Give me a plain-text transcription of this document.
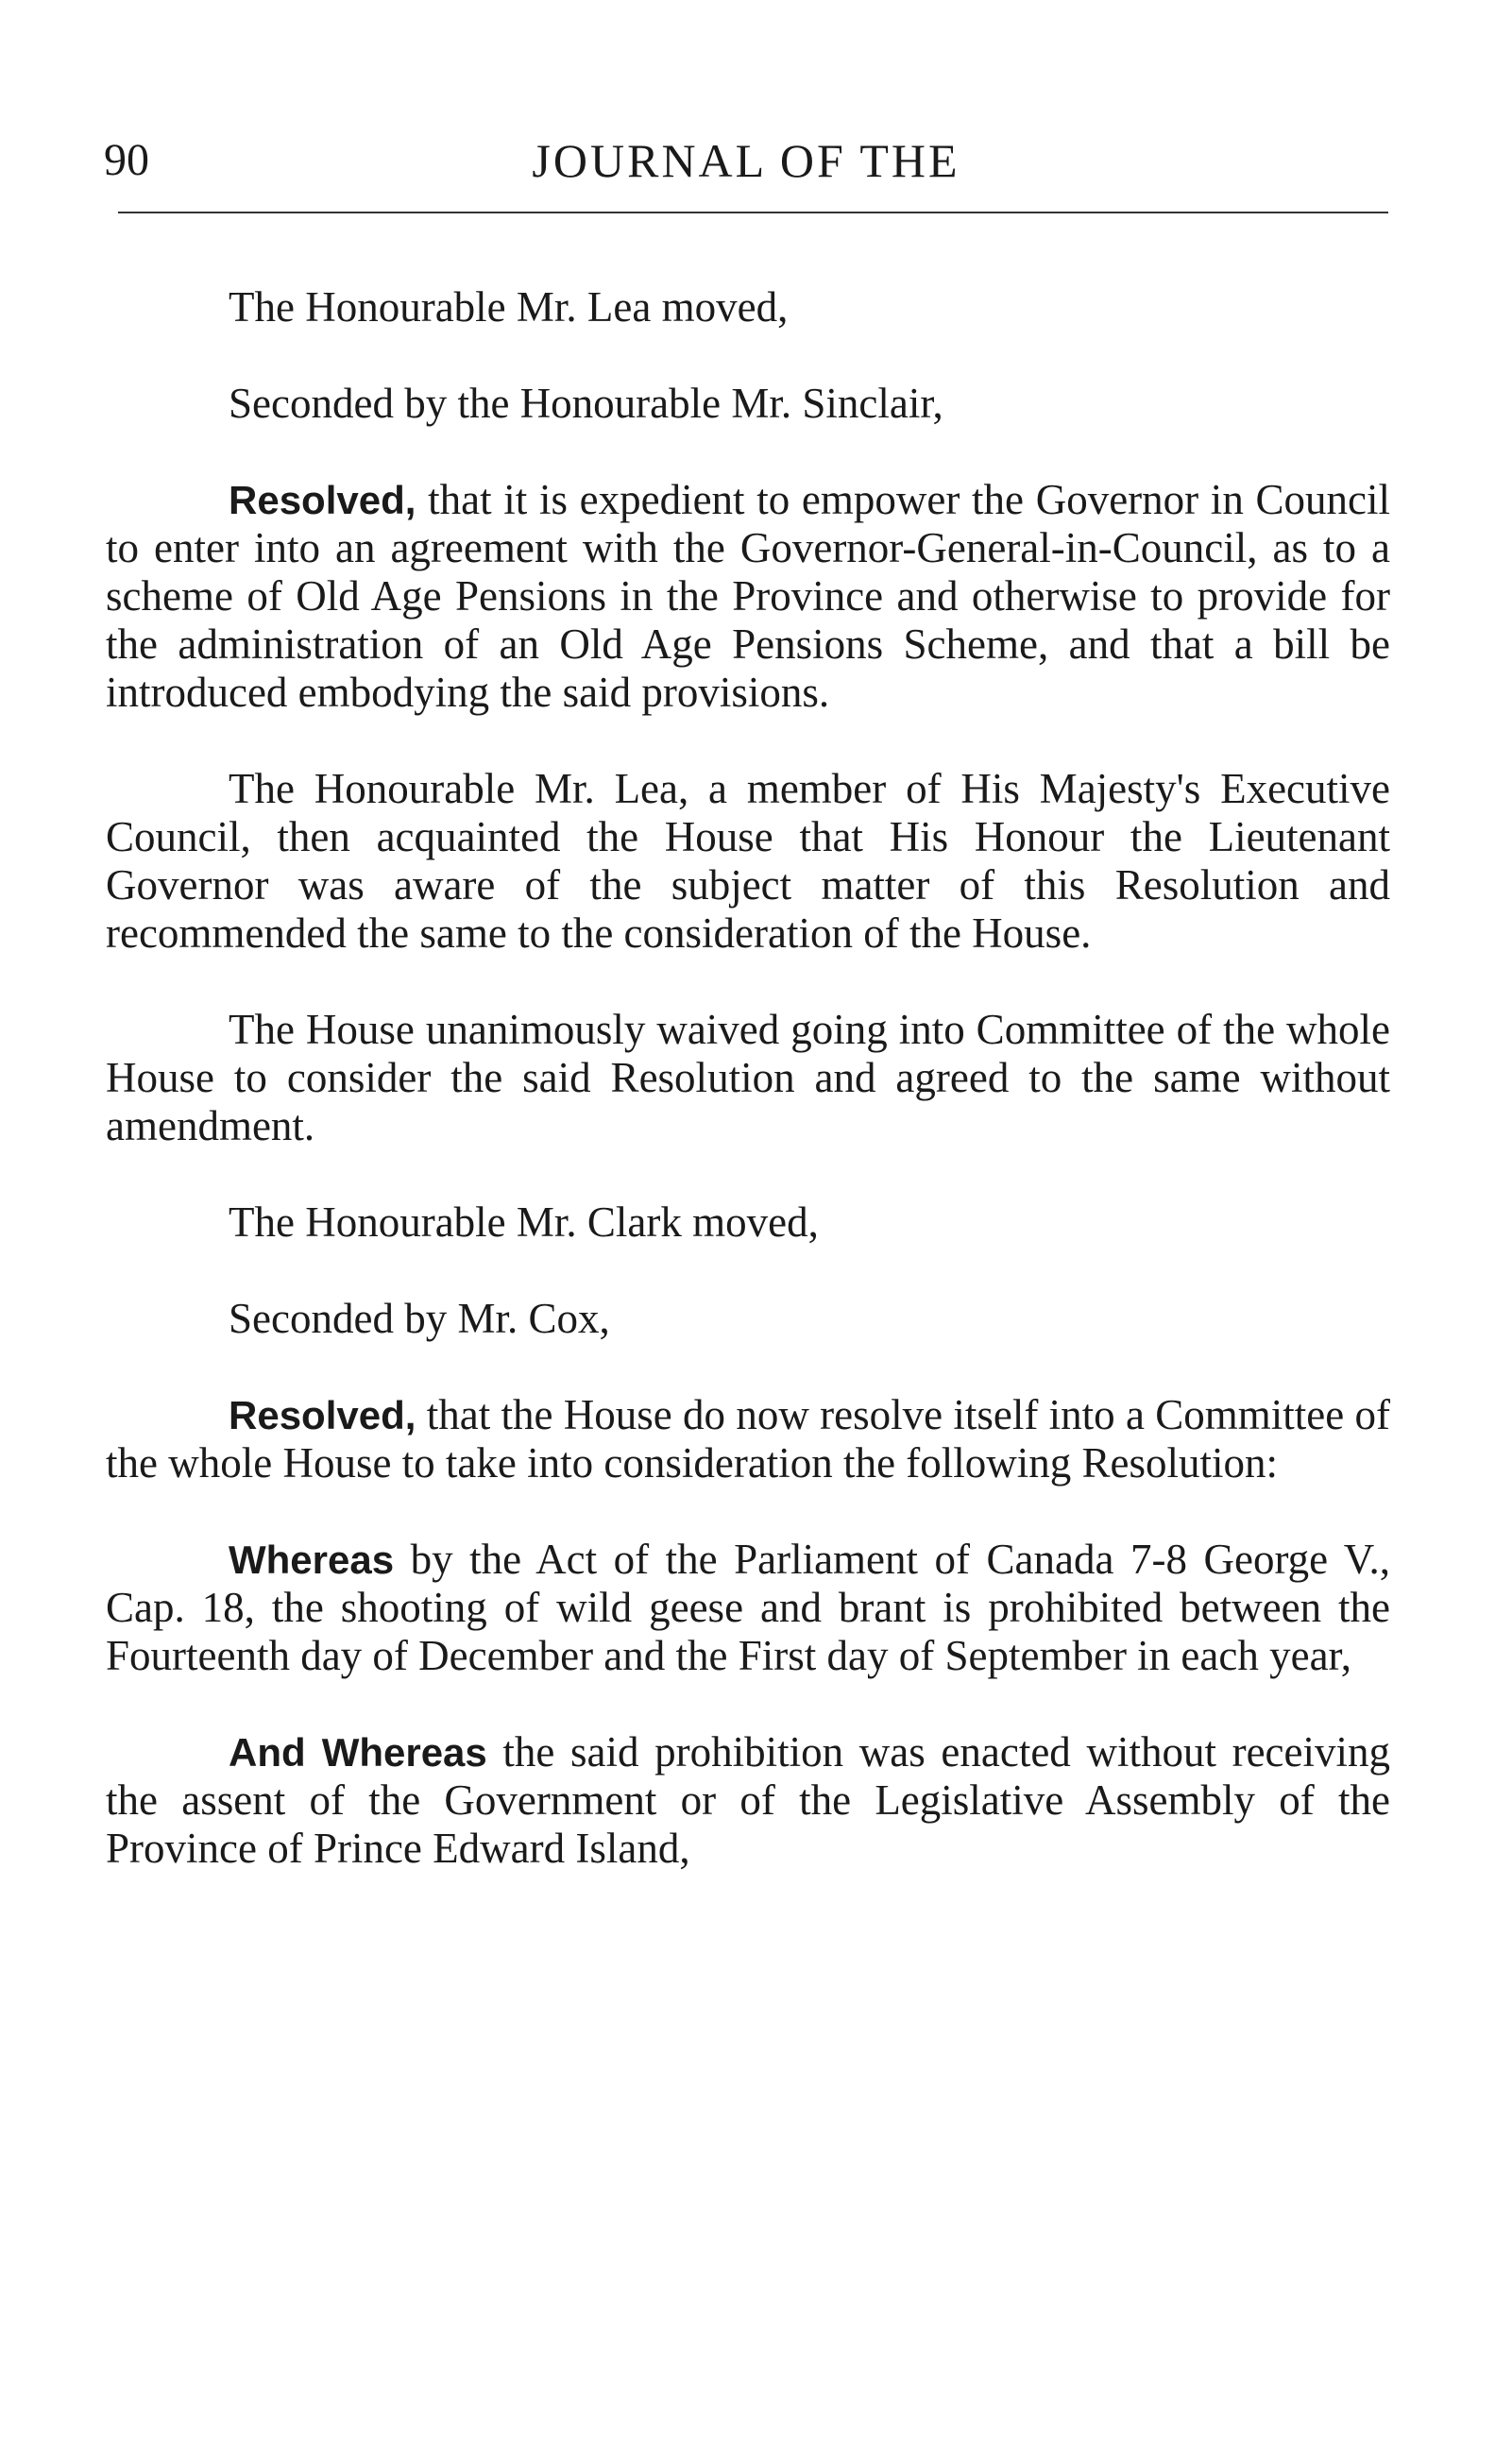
90	JOURNAL OF THE

The Honourable Mr. Lea moved,

Seconded by the Honourable Mr. Sinclair,

Resolved, that it is expedient to empower the Governor in Council to enter into an agreement with the Governor-General-in-Council, as to a scheme of Old Age Pensions in the Province and otherwise to provide for the administration of an Old Age Pensions Scheme, and that a bill be introduced embodying the said provisions.

The Honourable Mr. Lea, a member of His Majesty's Executive Council, then acquainted the House that His Honour the Lieutenant Governor was aware of the subject matter of this Resolution and recommended the same to the consideration of the House.

The House unanimously waived going into Committee of the whole House to consider the said Resolution and agreed to the same without amendment.

The Honourable Mr. Clark moved,

Seconded by Mr. Cox,

Resolved, that the House do now resolve itself into a Committee of the whole House to take into consideration the following Resolution:

Whereas by the Act of the Parliament of Canada 7-8 George V., Cap. 18, the shooting of wild geese and brant is prohibited between the Fourteenth day of December and the First day of September in each year,

And Whereas the said prohibition was enacted without receiving the assent of the Government or of the Legislative Assembly of the Province of Prince Edward Island,
